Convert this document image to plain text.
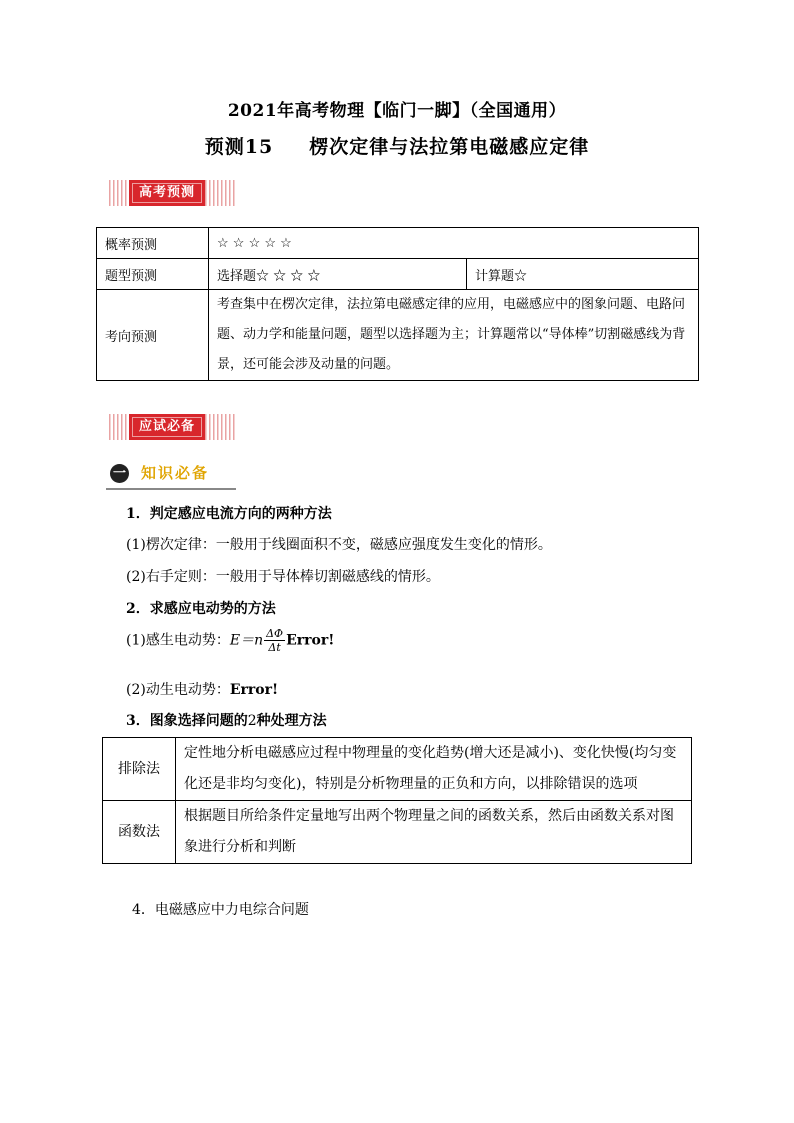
2021年高考物理【临门一脚】（全国通用）
预测15 楞次定律与法拉第电磁感应定律
高考预测
概率预测	☆ ☆ ☆ ☆ ☆	
题型预测	选择题☆ ☆ ☆ ☆	计算题☆
考向预测	考查集中在楞次定律，法拉第电磁感定律的应用，电磁感应中的图象问题、电路问题、动力学和能量问题，题型以选择题为主；计算题常以“导体棒”切割磁感线为背景，还可能会涉及动量的问题。	
应试必备
一 知识必备
1．判定感应电流方向的两种方法
(1)楞次定律：一般用于线圈面积不变，磁感应强度发生变化的情形。
(2)右手定则：一般用于导体棒切割磁感线的情形。
2．求感应电动势的方法
(1)感生电动势：$E=n \frac{\Delta\Phi}{\Delta t}$ Error!
(2)动生电动势：Error!
3．图象选择问题的2种处理方法
排除法	定性地分析电磁感应过程中物理量的变化趋势(增大还是减小)、变化快慢(均匀变化还是非均匀变化)，特别是分析物理量的正负和方向，以排除错误的选项
函数法	根据题目所给条件定量地写出两个物理量之间的函数关系，然后由函数关系对图象进行分析和判断
4．电磁感应中力电综合问题
